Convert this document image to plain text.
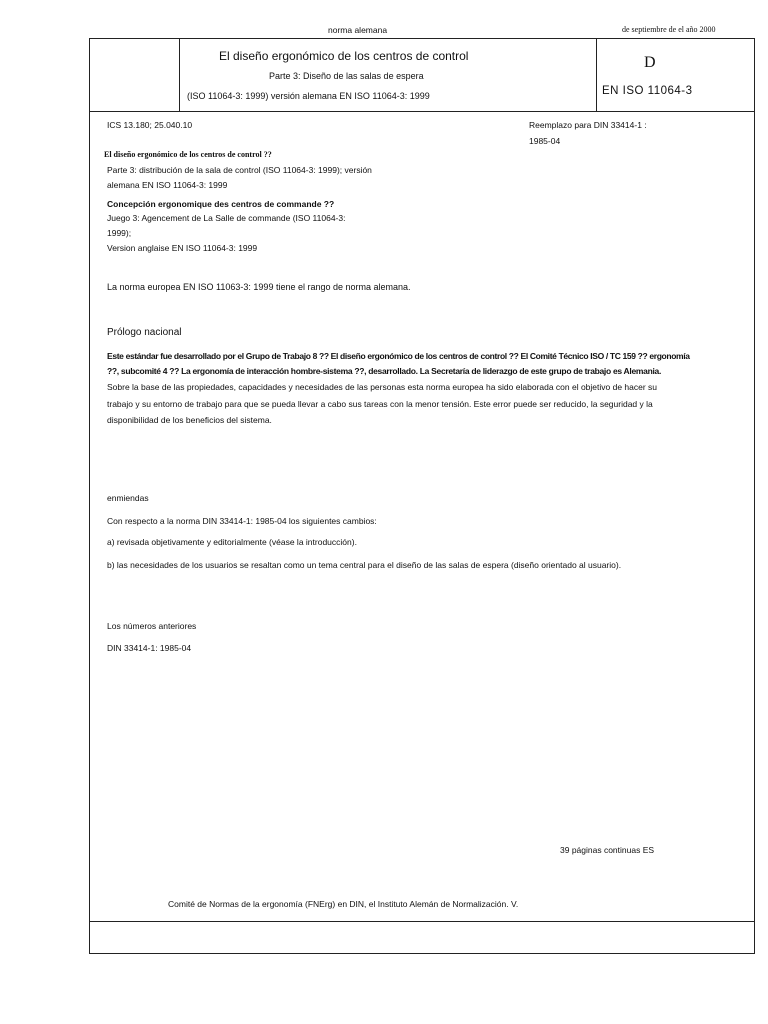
norma alemana	de septiembre de el año 2000
El diseño ergonómico de los centros de control
Parte 3: Diseño de las salas de espera
(ISO 11064-3: 1999) versión alemana EN ISO 11064-3: 1999
D
EN ISO 11064-3
ICS 13.180; 25.040.10	Reemplazo para DIN 33414-1 :
1985-04
El diseño ergonómico de los centros de control ??
Parte 3: distribución de la sala de control (ISO 11064-3: 1999); versión
alemana EN ISO 11064-3: 1999
Concepción ergonomique des centros de commande ??
Juego 3: Agencement de La Salle de commande (ISO 11064-3:
1999);
Version anglaise EN ISO 11064-3: 1999
La norma europea EN ISO 11063-3: 1999 tiene el rango de norma alemana.
Prólogo nacional
Este estándar fue desarrollado por el Grupo de Trabajo 8 ?? El diseño ergonómico de los centros de control ?? El Comité Técnico ISO / TC 159 ?? ergonomía
??, subcomité 4 ?? La ergonomía de interacción hombre-sistema ??, desarrollado. La Secretaría de liderazgo de este grupo de trabajo es Alemania.
Sobre la base de las propiedades, capacidades y necesidades de las personas esta norma europea ha sido elaborada con el objetivo de hacer su
trabajo y su entorno de trabajo para que se pueda llevar a cabo sus tareas con la menor tensión. Este error puede ser reducido, la seguridad y la
disponibilidad de los beneficios del sistema.
enmiendas
Con respecto a la norma DIN 33414-1: 1985-04 los siguientes cambios:
a) revisada objetivamente y editorialmente (véase la introducción).
b) las necesidades de los usuarios se resaltan como un tema central para el diseño de las salas de espera (diseño orientado al usuario).
Los números anteriores
DIN 33414-1: 1985-04
39 páginas continuas ES
Comité de Normas de la ergonomía (FNErg) en DIN, el Instituto Alemán de Normalización. V.
